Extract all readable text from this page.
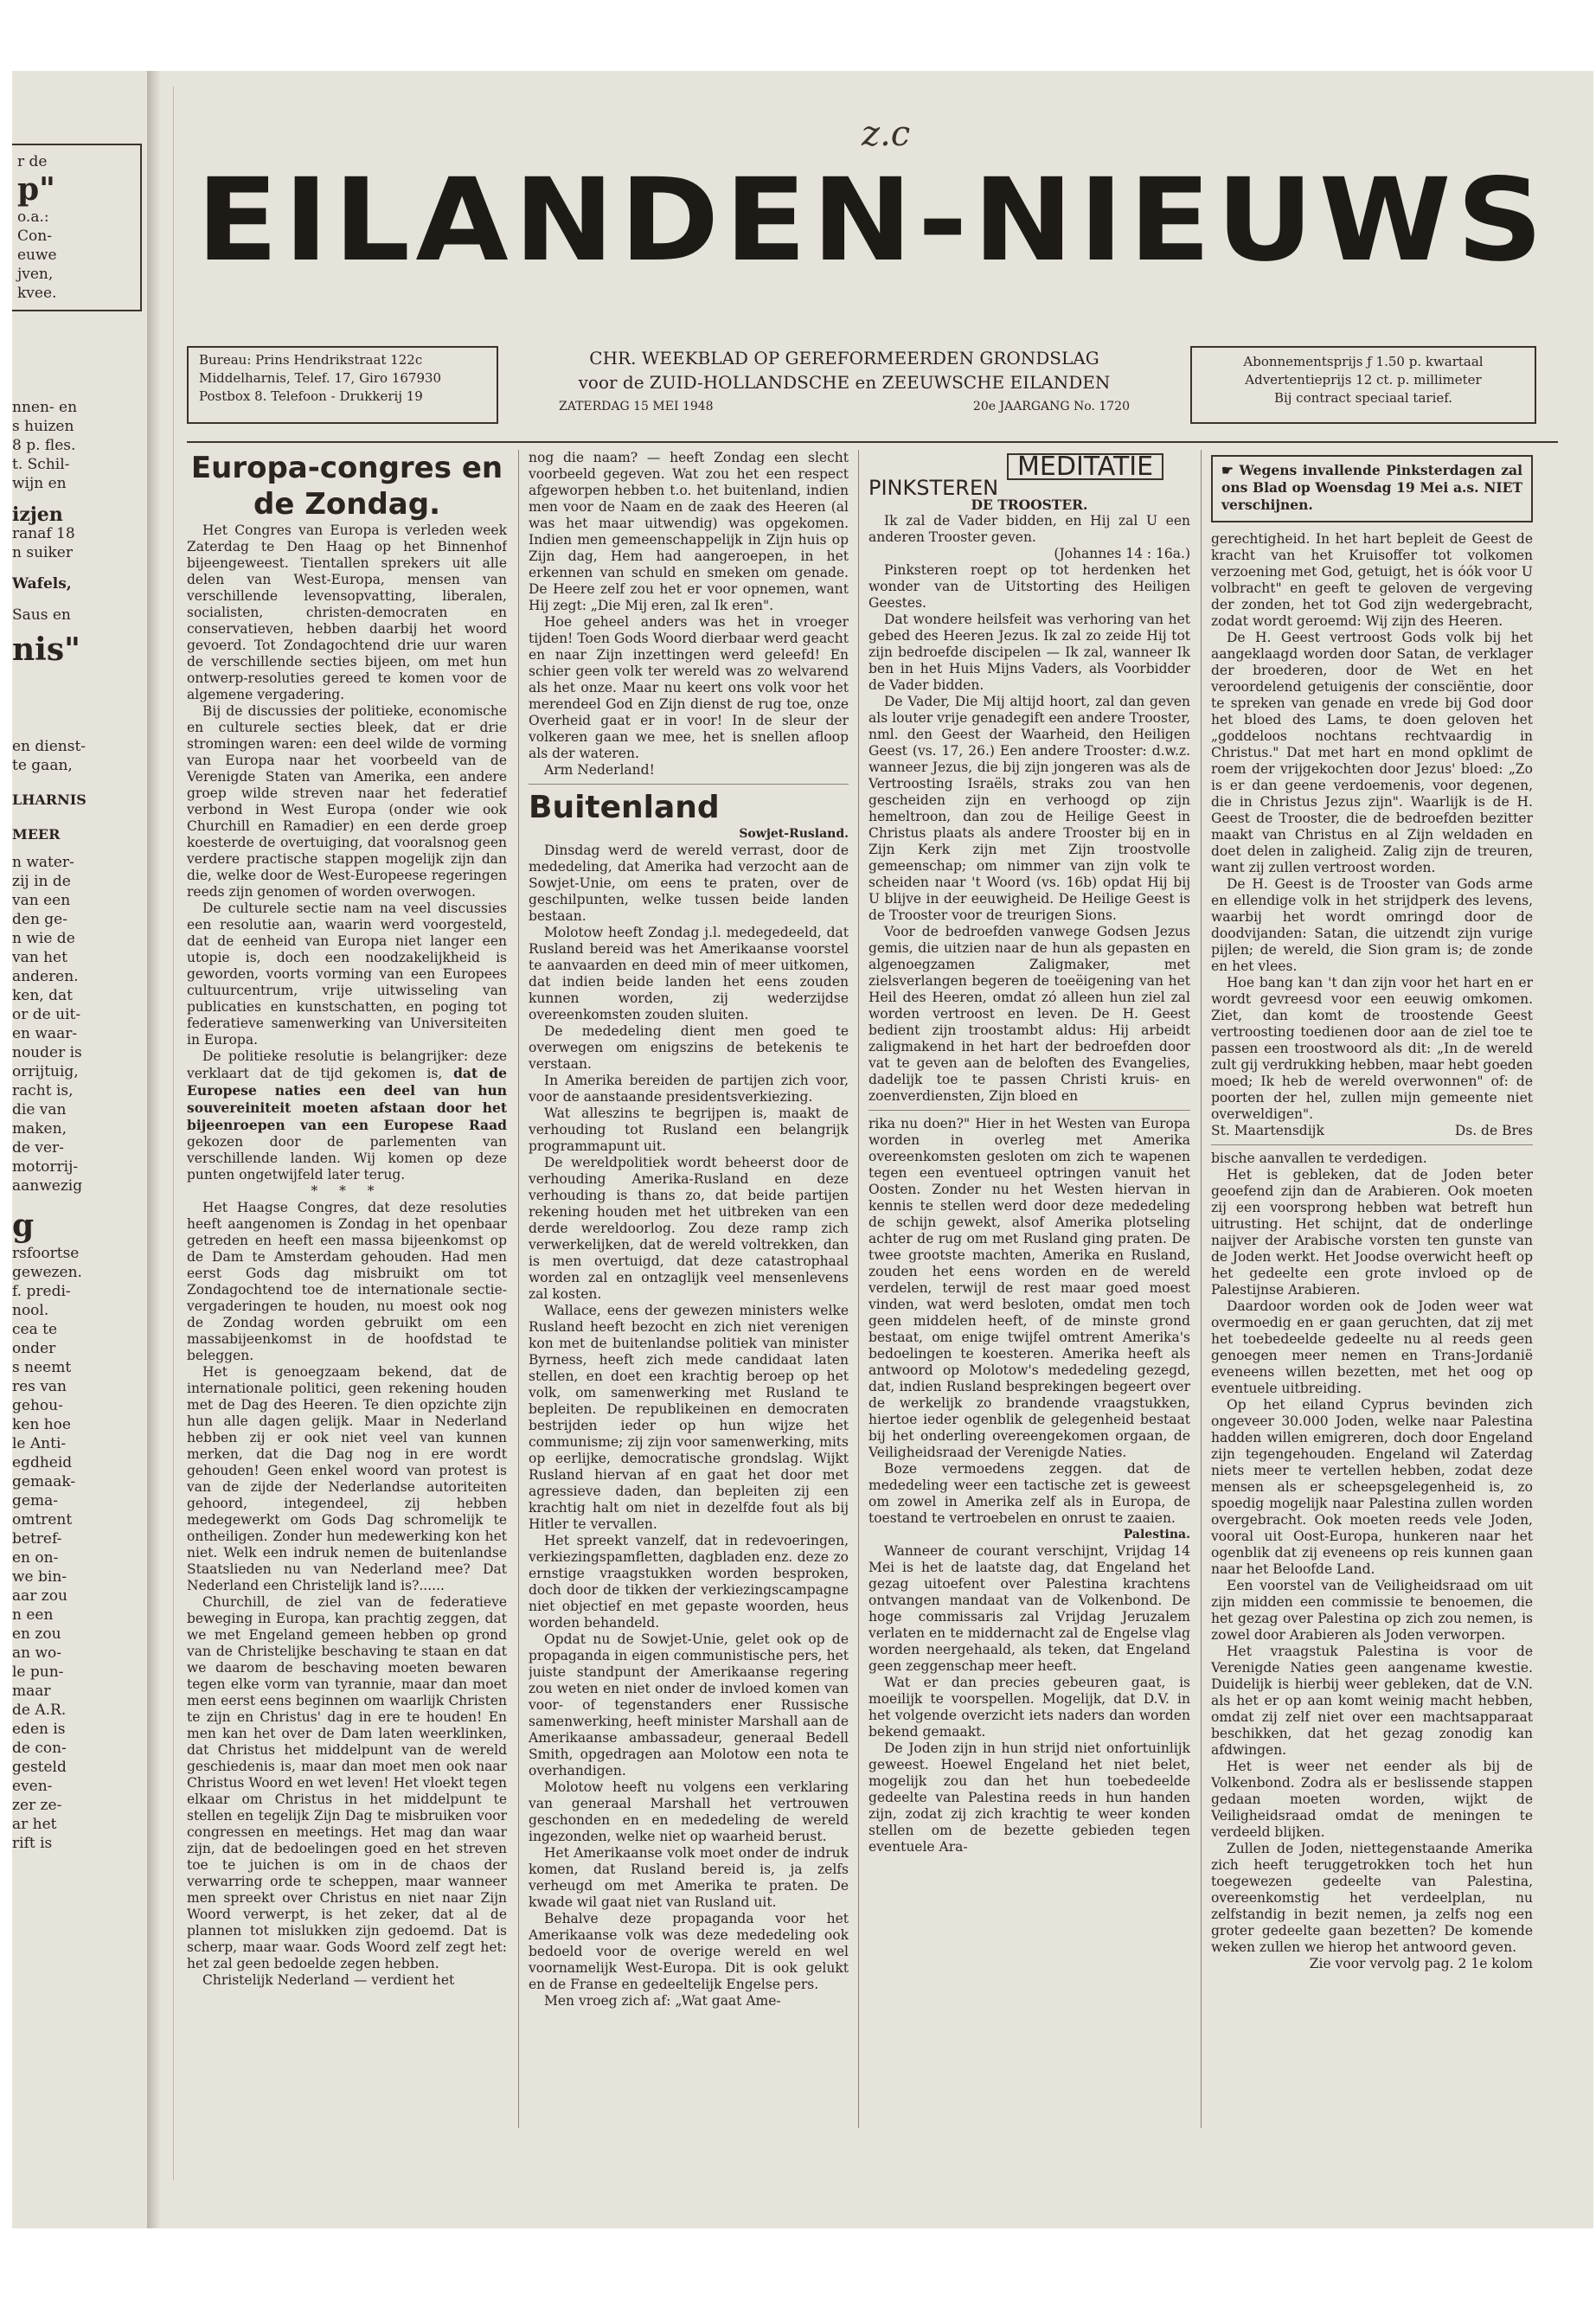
r de
p"
o.a.:
Con-
euwe
jven,
kvee.
nnen- en
s huizen
8 p. fles.
t. Schil-
wijn en
izjen
ranaf 18
n suiker
Wafels,
Saus en
nis"
en dienst-
te gaan,
LHARNIS
MEER
n water-
zij in de
van een
den ge-
n wie de
van het
anderen.
ken, dat
or de uit-
en waar-
nouder is
orrijtuig,
racht is,
die van
maken,
de ver-
motorrij-
aanwezig
g
rsfoortse
gewezen.
f. predi-
nool.
cea te
onder
s neemt
res van
gehou-
ken hoe
le Anti-
egdheid
gemaak-
gema-
omtrent
betref-
en on-
we bin-
aar zou
n een
en zou
an wo-
le pun-
maar
de A.R.
eden is
de con-
gesteld
even-
zer ze-
ar het
rift is
z.c
EILANDEN-NIEUWS
Bureau: Prins Hendrikstraat 122c
Middelharnis, Telef. 17, Giro 167930
Postbox 8. Telefoon - Drukkerij 19
CHR. WEEKBLAD OP GEREFORMEERDEN GRONDSLAG
voor de ZUID-HOLLANDSCHE en ZEEUWSCHE EILANDEN
ZATERDAG 15 MEI 1948	20e JAARGANG No. 1720
Abonnementsprijs ƒ 1.50 p. kwartaal
Advertentieprijs 12 ct. p. millimeter
Bij contract speciaal tarief.

Europa-congres en de Zondag.

Het Congres van Europa is verleden week Zaterdag te Den Haag op het Binnenhof bijeengeweest. Tientallen sprekers uit alle delen van West-Europa, mensen van verschillende levensopvatting, liberalen, socialisten, christen-democraten en conservatieven, hebben daarbij het woord gevoerd. Tot Zondagochtend drie uur waren de verschillende secties bijeen, om met hun ontwerp-resoluties gereed te komen voor de algemene vergadering.

Bij de discussies der politieke, economische en culturele secties bleek, dat er drie stromingen waren: een deel wilde de vorming van Europa naar het voorbeeld van de Verenigde Staten van Amerika, een andere groep wilde streven naar het federatief verbond in West Europa (onder wie ook Churchill en Ramadier) en een derde groep koesterde de overtuiging, dat vooralsnog geen verdere practische stappen mogelijk zijn dan die, welke door de West-Europeese regeringen reeds zijn genomen of worden overwogen.

De culturele sectie nam na veel discussies een resolutie aan, waarin werd voorgesteld, dat de eenheid van Europa niet langer een utopie is, doch een noodzakelijkheid is geworden, voorts vorming van een Europees cultuurcentrum, vrije uitwisseling van publicaties en kunstschatten, en poging tot federatieve samenwerking van Universiteiten in Europa.

De politieke resolutie is belangrijker: deze verklaart dat de tijd gekomen is, dat de Europese naties een deel van hun souvereiniteit moeten afstaan door het bijeenroepen van een Europese Raad gekozen door de parlementen van verschillende landen. Wij komen op deze punten ongetwijfeld later terug.

* * *

Het Haagse Congres, dat deze resoluties heeft aangenomen is Zondag in het openbaar getreden en heeft een massa bijeenkomst op de Dam te Amsterdam gehouden. Had men eerst Gods dag misbruikt om tot Zondagochtend toe de internationale sectie-vergaderingen te houden, nu moest ook nog de Zondag worden gebruikt om een massabijeenkomst in de hoofdstad te beleggen.

Het is genoegzaam bekend, dat de internationale politici, geen rekening houden met de Dag des Heeren. Te dien opzichte zijn hun alle dagen gelijk. Maar in Nederland hebben zij er ook niet veel van kunnen merken, dat die Dag nog in ere wordt gehouden! Geen enkel woord van protest is van de zijde der Nederlandse autoriteiten gehoord, integendeel, zij hebben medegewerkt om Gods Dag schromelijk te ontheiligen. Zonder hun medewerking kon het niet. Welk een indruk nemen de buitenlandse Staatslieden nu van Nederland mee? Dat Nederland een Christelijk land is?......

Churchill, de ziel van de federatieve beweging in Europa, kan prachtig zeggen, dat we met Engeland gemeen hebben op grond van de Christelijke beschaving te staan en dat we daarom de beschaving moeten bewaren tegen elke vorm van tyrannie, maar dan moet men eerst eens beginnen om waarlijk Christen te zijn en Christus' dag in ere te houden! En men kan het over de Dam laten weerklinken, dat Christus het middelpunt van de wereld geschiedenis is, maar dan moet men ook naar Christus Woord en wet leven! Het vloekt tegen elkaar om Christus in het middelpunt te stellen en tegelijk Zijn Dag te misbruiken voor congressen en meetings. Het mag dan waar zijn, dat de bedoelingen goed en het streven toe te juichen is om in de chaos der verwarring orde te scheppen, maar wanneer men spreekt over Christus en niet naar Zijn Woord verwerpt, is het zeker, dat al de plannen tot mislukken zijn gedoemd. Dat is scherp, maar waar. Gods Woord zelf zegt het: het zal geen bedoelde zegen hebben.

Christelijk Nederland — verdient het

nog die naam? — heeft Zondag een slecht voorbeeld gegeven. Wat zou het een respect afgeworpen hebben t.o. het buitenland, indien men voor de Naam en de zaak des Heeren (al was het maar uitwendig) was opgekomen. Indien men gemeenschappelijk in Zijn huis op Zijn dag, Hem had aangeroepen, in het erkennen van schuld en smeken om genade. De Heere zelf zou het er voor opnemen, want Hij zegt: „Die Mij eren, zal Ik eren".

Hoe geheel anders was het in vroeger tijden! Toen Gods Woord dierbaar werd geacht en naar Zijn inzettingen werd geleefd! En schier geen volk ter wereld was zo welvarend als het onze. Maar nu keert ons volk voor het merendeel God en Zijn dienst de rug toe, onze Overheid gaat er in voor! In de sleur der volkeren gaan we mee, het is snellen afloop als der wateren.

Arm Nederland!

Buitenland

Sowjet-Rusland.

Dinsdag werd de wereld verrast, door de mededeling, dat Amerika had verzocht aan de Sowjet-Unie, om eens te praten, over de geschilpunten, welke tussen beide landen bestaan.

Molotow heeft Zondag j.l. medegedeeld, dat Rusland bereid was het Amerikaanse voorstel te aanvaarden en deed min of meer uitkomen, dat indien beide landen het eens zouden kunnen worden, zij wederzijdse overeenkomsten zouden sluiten.

De mededeling dient men goed te overwegen om enigszins de betekenis te verstaan.

In Amerika bereiden de partijen zich voor, voor de aanstaande presidentsverkiezing.

Wat alleszins te begrijpen is, maakt de verhouding tot Rusland een belangrijk programmapunt uit.

De wereldpolitiek wordt beheerst door de verhouding Amerika-Rusland en deze verhouding is thans zo, dat beide partijen rekening houden met het uitbreken van een derde wereldoorlog. Zou deze ramp zich verwerkelijken, dat de wereld voltrekken, dan is men overtuigd, dat deze catastrophaal worden zal en ontzaglijk veel mensenlevens zal kosten.

Wallace, eens der gewezen ministers welke Rusland heeft bezocht en zich niet verenigen kon met de buitenlandse politiek van minister Byrness, heeft zich mede candidaat laten stellen, en doet een krachtig beroep op het volk, om samenwerking met Rusland te bepleiten. De republikeinen en democraten bestrijden ieder op hun wijze het communisme; zij zijn voor samenwerking, mits op eerlijke, democratische grondslag. Wijkt Rusland hiervan af en gaat het door met agressieve daden, dan bepleiten zij een krachtig halt om niet in dezelfde fout als bij Hitler te vervallen.

Het spreekt vanzelf, dat in redevoeringen, verkiezingspamfletten, dagbladen enz. deze zo ernstige vraagstukken worden besproken, doch door de tikken der verkiezingscampagne niet objectief en met gepaste woorden, heus worden behandeld.

Opdat nu de Sowjet-Unie, gelet ook op de propaganda in eigen communistische pers, het juiste standpunt der Amerikaanse regering zou weten en niet onder de invloed komen van voor- of tegenstanders ener Russische samenwerking, heeft minister Marshall aan de Amerikaanse ambassadeur, generaal Bedell Smith, opgedragen aan Molotow een nota te overhandigen.

Molotow heeft nu volgens een verklaring van generaal Marshall het vertrouwen geschonden en en mededeling de wereld ingezonden, welke niet op waarheid berust.

Het Amerikaanse volk moet onder de indruk komen, dat Rusland bereid is, ja zelfs verheugd om met Amerika te praten. De kwade wil gaat niet van Rusland uit.

Behalve deze propaganda voor het Amerikaanse volk was deze mededeling ook bedoeld voor de overige wereld en wel voornamelijk West-Europa. Dit is ook gelukt en de Franse en gedeeltelijk Engelse pers.

Men vroeg zich af: „Wat gaat Ame-

MEDITATIE

PINKSTEREN

DE TROOSTER.

Ik zal de Vader bidden, en Hij zal U een anderen Trooster geven.

(Johannes 14 : 16a.)

Pinksteren roept op tot herdenken het wonder van de Uitstorting des Heiligen Geestes.

Dat wondere heilsfeit was verhoring van het gebed des Heeren Jezus. Ik zal zo zeide Hij tot zijn bedroefde discipelen — Ik zal, wanneer Ik ben in het Huis Mijns Vaders, als Voorbidder de Vader bidden.

De Vader, Die Mij altijd hoort, zal dan geven als louter vrije genadegift een andere Trooster, nml. den Geest der Waarheid, den Heiligen Geest (vs. 17, 26.) Een andere Trooster: d.w.z. wanneer Jezus, die bij zijn jongeren was als de Vertroosting Israëls, straks zou van hen gescheiden zijn en verhoogd op zijn hemeltroon, dan zou de Heilige Geest in Christus plaats als andere Trooster bij en in Zijn Kerk zijn met Zijn troostvolle gemeenschap; om nimmer van zijn volk te scheiden naar 't Woord (vs. 16b) opdat Hij bij U blijve in der eeuwigheid. De Heilige Geest is de Trooster voor de treurigen Sions.

Voor de bedroefden vanwege Godsen Jezus gemis, die uitzien naar de hun als gepasten en algenoegzamen Zaligmaker, met zielsverlangen begeren de toeëigening van het Heil des Heeren, omdat zó alleen hun ziel zal worden vertroost en leven. De H. Geest bedient zijn troostambt aldus: Hij arbeidt zaligmakend in het hart der bedroefden door vat te geven aan de beloften des Evangelies, dadelijk toe te passen Christi kruis- en zoenverdiensten, Zijn bloed en

rika nu doen?" Hier in het Westen van Europa worden in overleg met Amerika overeenkomsten gesloten om zich te wapenen tegen een eventueel optringen vanuit het Oosten. Zonder nu het Westen hiervan in kennis te stellen werd door deze mededeling de schijn gewekt, alsof Amerika plotseling achter de rug om met Rusland ging praten. De twee grootste machten, Amerika en Rusland, zouden het eens worden en de wereld verdelen, terwijl de rest maar goed moest vinden, wat werd besloten, omdat men toch geen middelen heeft, of de minste grond bestaat, om enige twijfel omtrent Amerika's bedoelingen te koesteren. Amerika heeft als antwoord op Molotow's mededeling gezegd, dat, indien Rusland besprekingen begeert over de werkelijk zo brandende vraagstukken, hiertoe ieder ogenblik de gelegenheid bestaat bij het onderling overeengekomen orgaan, de Veiligheidsraad der Verenigde Naties.

Boze vermoedens zeggen. dat de mededeling weer een tactische zet is geweest om zowel in Amerika zelf als in Europa, de toestand te vertroebelen en onrust te zaaien.

Palestina.

Wanneer de courant verschijnt, Vrijdag 14 Mei is het de laatste dag, dat Engeland het gezag uitoefent over Palestina krachtens ontvangen mandaat van de Volkenbond. De hoge commissaris zal Vrijdag Jeruzalem verlaten en te middernacht zal de Engelse vlag worden neergehaald, als teken, dat Engeland geen zeggenschap meer heeft.

Wat er dan precies gebeuren gaat, is moeilijk te voorspellen. Mogelijk, dat D.V. in het volgende overzicht iets naders dan worden bekend gemaakt.

De Joden zijn in hun strijd niet onfortuinlijk geweest. Hoewel Engeland het niet belet, mogelijk zou dan het hun toebedeelde gedeelte van Palestina reeds in hun handen zijn, zodat zij zich krachtig te weer konden stellen om de bezette gebieden tegen eventuele Ara-

☛ Wegens invallende Pinksterdagen zal ons Blad op Woensdag 19 Mei a.s. NIET verschijnen.

gerechtigheid. In het hart bepleit de Geest de kracht van het Kruisoffer tot volkomen verzoening met God, getuigt, het is óók voor U volbracht" en geeft te geloven de vergeving der zonden, het tot God zijn wedergebracht, zodat wordt geroemd: Wij zijn des Heeren.

De H. Geest vertroost Gods volk bij het aangeklaagd worden door Satan, de verklager der broederen, door de Wet en het veroordelend getuigenis der consciëntie, door te spreken van genade en vrede bij God door het bloed des Lams, te doen geloven het „goddeloos nochtans rechtvaardig in Christus." Dat met hart en mond opklimt de roem der vrijgekochten door Jezus' bloed: „Zo is er dan geene verdoemenis, voor degenen, die in Christus Jezus zijn". Waarlijk is de H. Geest de Trooster, die de bedroefden bezitter maakt van Christus en al Zijn weldaden en doet delen in zaligheid. Zalig zijn de treuren, want zij zullen vertroost worden.

De H. Geest is de Trooster van Gods arme en ellendige volk in het strijdperk des levens, waarbij het wordt omringd door de doodvijanden: Satan, die uitzendt zijn vurige pijlen; de wereld, die Sion gram is; de zonde en het vlees.

Hoe bang kan 't dan zijn voor het hart en er wordt gevreesd voor een eeuwig omkomen. Ziet, dan komt de troostende Geest vertroosting toedienen door aan de ziel toe te passen een troostwoord als dit: „In de wereld zult gij verdrukking hebben, maar hebt goeden moed; Ik heb de wereld overwonnen" of: de poorten der hel, zullen mijn gemeente niet overweldigen".

St. Maartensdijk	Ds. de Bres

bische aanvallen te verdedigen.

Het is gebleken, dat de Joden beter geoefend zijn dan de Arabieren. Ook moeten zij een voorsprong hebben wat betreft hun uitrusting. Het schijnt, dat de onderlinge naijver der Arabische vorsten ten gunste van de Joden werkt. Het Joodse overwicht heeft op het gedeelte een grote invloed op de Palestijnse Arabieren.

Daardoor worden ook de Joden weer wat overmoedig en er gaan geruchten, dat zij met het toebedeelde gedeelte nu al reeds geen genoegen meer nemen en Trans-Jordanië eveneens willen bezetten, met het oog op eventuele uitbreiding.

Op het eiland Cyprus bevinden zich ongeveer 30.000 Joden, welke naar Palestina hadden willen emigreren, doch door Engeland zijn tegengehouden. Engeland wil Zaterdag niets meer te vertellen hebben, zodat deze mensen als er scheepsgelegenheid is, zo spoedig mogelijk naar Palestina zullen worden overgebracht. Ook moeten reeds vele Joden, vooral uit Oost-Europa, hunkeren naar het ogenblik dat zij eveneens op reis kunnen gaan naar het Beloofde Land.

Een voorstel van de Veiligheidsraad om uit zijn midden een commissie te benoemen, die het gezag over Palestina op zich zou nemen, is zowel door Arabieren als Joden verworpen.

Het vraagstuk Palestina is voor de Verenigde Naties geen aangename kwestie. Duidelijk is hierbij weer gebleken, dat de V.N. als het er op aan komt weinig macht hebben, omdat zij zelf niet over een machtsapparaat beschikken, dat het gezag zonodig kan afdwingen.

Het is weer net eender als bij de Volkenbond. Zodra als er beslissende stappen gedaan moeten worden, wijkt de Veiligheidsraad omdat de meningen te verdeeld blijken.

Zullen de Joden, niettegenstaande Amerika zich heeft teruggetrokken toch het hun toegewezen gedeelte van Palestina, overeenkomstig het verdeelplan, nu zelfstandig in bezit nemen, ja zelfs nog een groter gedeelte gaan bezetten? De komende weken zullen we hierop het antwoord geven.

Zie voor vervolg pag. 2 1e kolom
